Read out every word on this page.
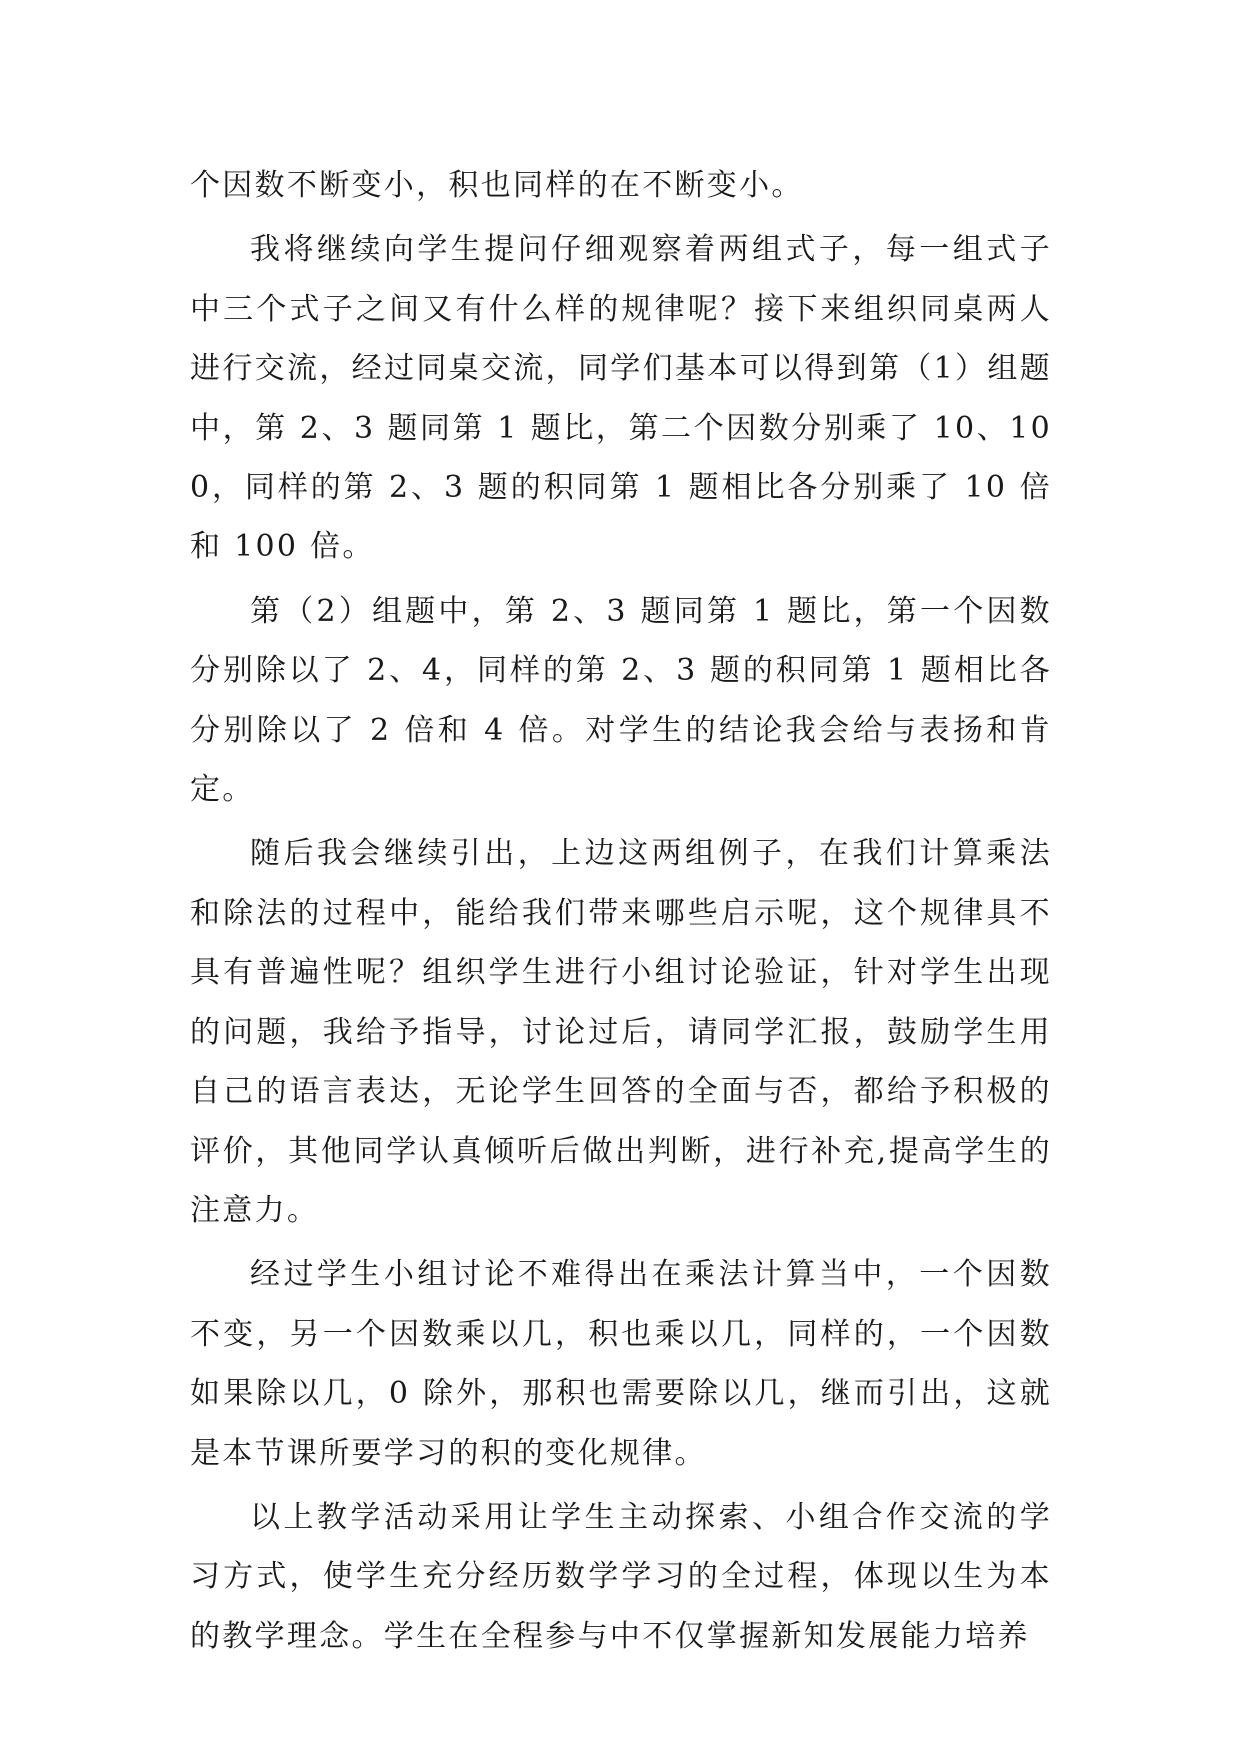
个因数不断变小，积也同样的在不断变小。

我将继续向学生提问仔细观察着两组式子，每一组式子中三个式子之间又有什么样的规律呢？接下来组织同桌两人进行交流，经过同桌交流，同学们基本可以得到第（1）组题中，第 2、3 题同第 1 题比，第二个因数分别乘了 10、100，同样的第 2、3 题的积同第 1 题相比各分别乘了 10 倍和 100 倍。

第（2）组题中，第 2、3 题同第 1 题比，第一个因数分别除以了 2、4，同样的第 2、3 题的积同第 1 题相比各分别除以了 2 倍和 4 倍。对学生的结论我会给与表扬和肯定。

随后我会继续引出，上边这两组例子，在我们计算乘法和除法的过程中，能给我们带来哪些启示呢，这个规律具不具有普遍性呢？组织学生进行小组讨论验证，针对学生出现的问题，我给予指导，讨论过后，请同学汇报，鼓励学生用自己的语言表达，无论学生回答的全面与否，都给予积极的评价，其他同学认真倾听后做出判断，进行补充,提高学生的注意力。

经过学生小组讨论不难得出在乘法计算当中，一个因数不变，另一个因数乘以几，积也乘以几，同样的，一个因数如果除以几，0 除外，那积也需要除以几，继而引出，这就是本节课所要学习的积的变化规律。

以上教学活动采用让学生主动探索、小组合作交流的学习方式，使学生充分经历数学学习的全过程，体现以生为本的教学理念。学生在全程参与中不仅掌握新知发展能力培养
